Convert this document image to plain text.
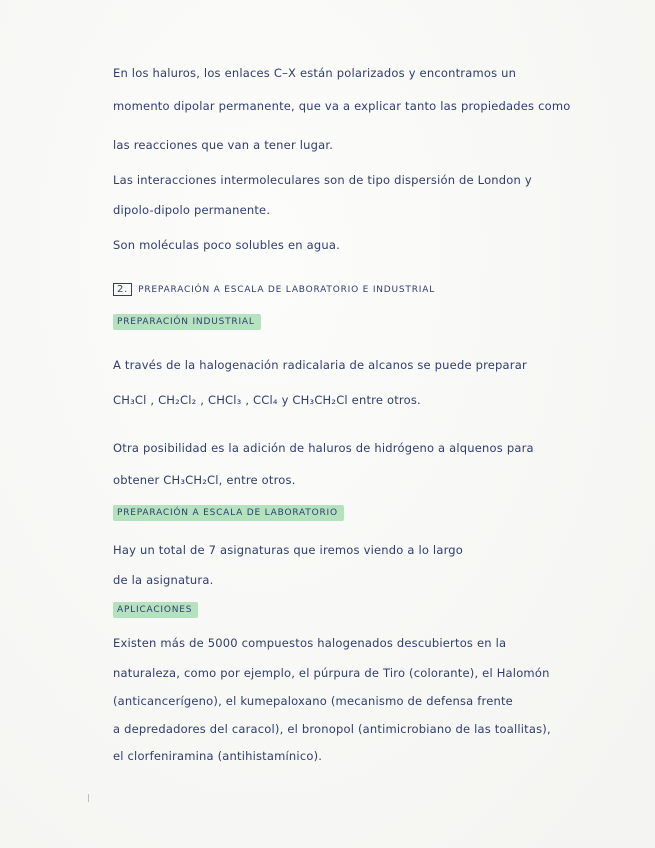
En los haluros, los enlaces C–X están polarizados y encontramos un
momento dipolar permanente, que va a explicar tanto las propiedades como
las reacciones que van a tener lugar.
Las interacciones intermoleculares son de tipo dispersión de London y
dipolo-dipolo permanente.
Son moléculas poco solubles en agua.
2. PREPARACIÓN A ESCALA DE LABORATORIO E INDUSTRIAL
PREPARACIÓN INDUSTRIAL
A través de la halogenación radicalaria de alcanos se puede preparar
CH₃Cl , CH₂Cl₂ , CHCl₃ , CCl₄ y CH₃CH₂Cl entre otros.
Otra posibilidad es la adición de haluros de hidrógeno a alquenos para
obtener CH₃CH₂Cl, entre otros.
PREPARACIÓN A ESCALA DE LABORATORIO
Hay un total de 7 asignaturas que iremos viendo a lo largo
de la asignatura.
APLICACIONES
Existen más de 5000 compuestos halogenados descubiertos en la
naturaleza, como por ejemplo, el púrpura de Tiro (colorante), el Halomón
(anticancerígeno), el kumepaloxano (mecanismo de defensa frente
a depredadores del caracol), el bronopol (antimicrobiano de las toallitas),
el clorfeniramina (antihistamínico).
